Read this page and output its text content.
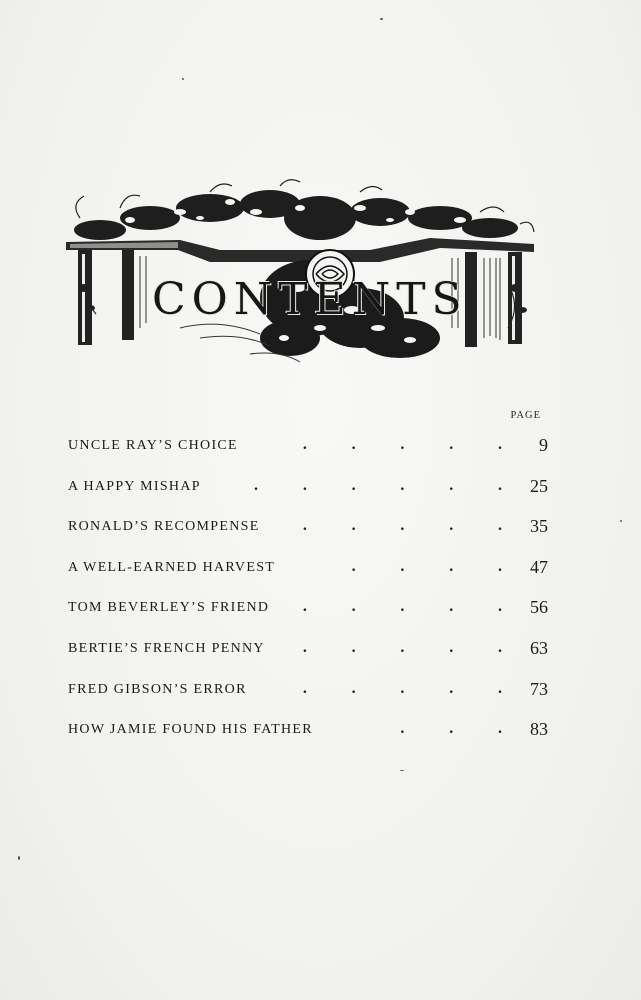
CONTENTS
PAGE
UNCLE RAY’S CHOICE	.	.	.	.	.	9
A HAPPY MISHAP	.	.	.	.	.	.	25
RONALD’S RECOMPENSE	.	.	.	.	.	35
A WELL-EARNED HARVEST	.	.	.	.	47
TOM BEVERLEY’S FRIEND	.	.	.	.	.	56
BERTIE’S FRENCH PENNY	.	.	.	.	.	63
FRED GIBSON’S ERROR	.	.	.	.	.	73
HOW JAMIE FOUND HIS FATHER	.	.	.	83
